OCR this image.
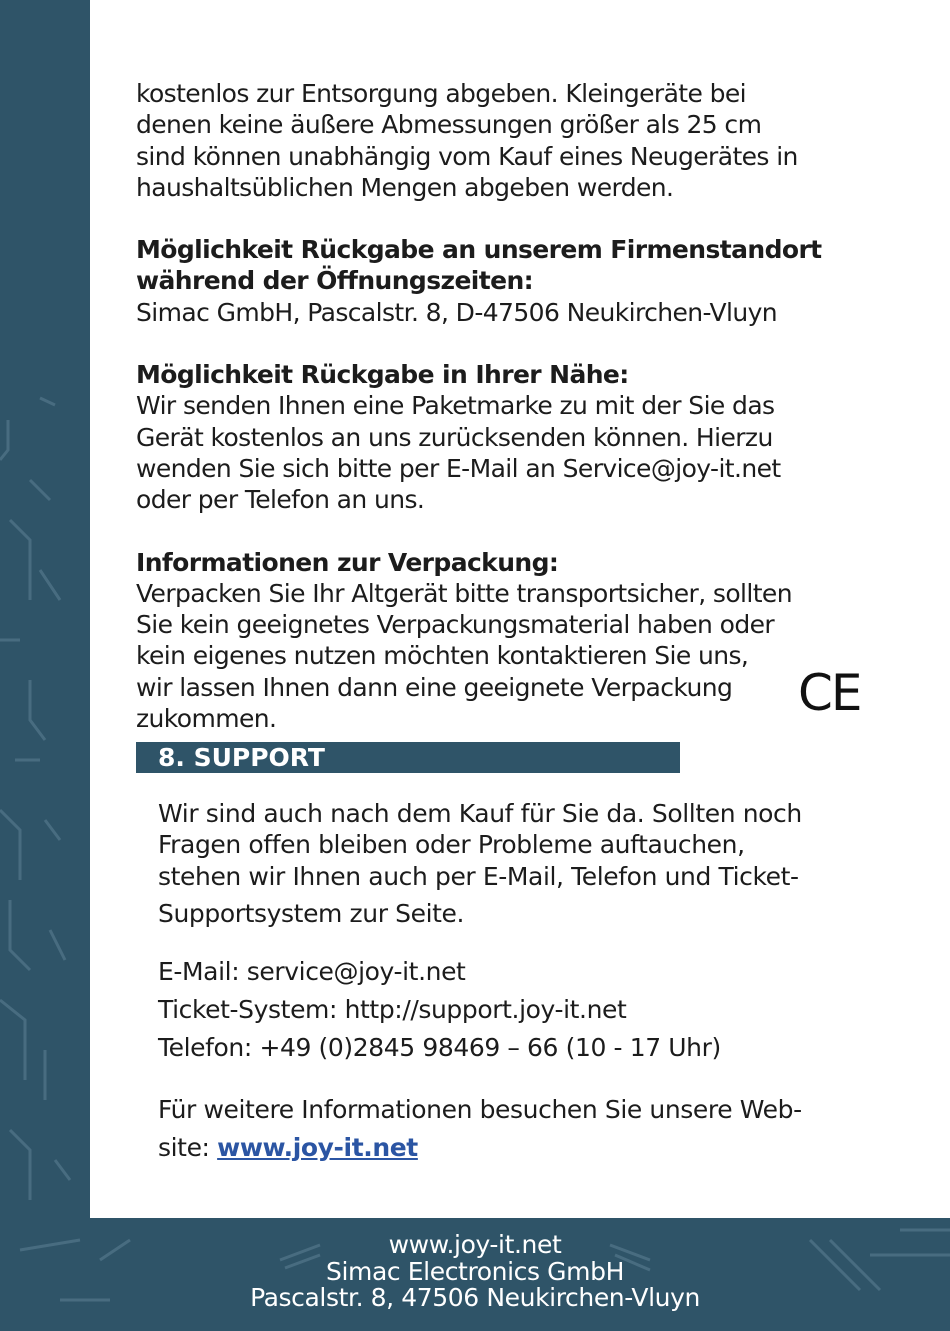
kostenlos zur Entsorgung abgeben. Kleingeräte bei

denen keine äußere Abmessungen größer als 25 cm

sind können unabhängig vom Kauf eines Neugerätes in

haushaltsüblichen Mengen abgeben werden.

Möglichkeit Rückgabe an unserem Firmenstandort

während der Öffnungszeiten:

Simac GmbH, Pascalstr. 8, D-47506 Neukirchen-Vluyn

Möglichkeit Rückgabe in Ihrer Nähe:

Wir senden Ihnen eine Paketmarke zu mit der Sie das

Gerät kostenlos an uns zurücksenden können. Hierzu

wenden Sie sich bitte per E-Mail an Service@joy-it.net

oder per Telefon an uns.

Informationen zur Verpackung:

Verpacken Sie Ihr Altgerät bitte transportsicher, sollten

Sie kein geeignetes Verpackungsmaterial haben oder

kein eigenes nutzen möchten kontaktieren Sie uns,

wir lassen Ihnen dann eine geeignete Verpackung

zukommen.	CE
8. SUPPORT

Wir sind auch nach dem Kauf für Sie da. Sollten noch

Fragen offen bleiben oder Probleme auftauchen,

stehen wir Ihnen auch per E-Mail, Telefon und Ticket-

Supportsystem zur Seite.

E-Mail: service@joy-it.net

Ticket-System: http://support.joy-it.net

Telefon: +49 (0)2845 98469 – 66 (10 - 17 Uhr)

Für weitere Informationen besuchen Sie unsere Web-

site: www.joy-it.net

www.joy-it.net
Simac Electronics GmbH
Pascalstr. 8, 47506 Neukirchen-Vluyn
